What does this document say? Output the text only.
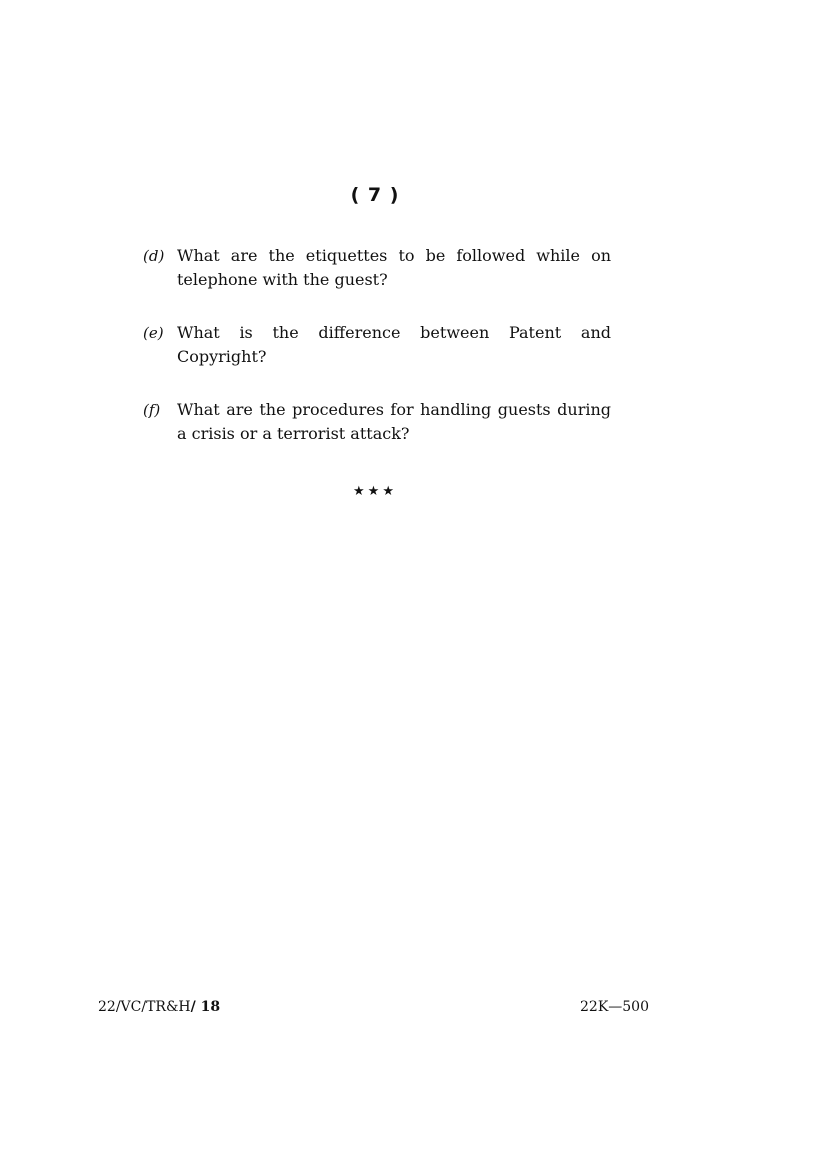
( 7 )
(d) What are the etiquettes to be followed while on telephone with the guest?
(e) What is the difference between Patent and Copyright?
(f) What are the procedures for handling guests during a crisis or a terrorist attack?
★★★
22/VC/TR&H/ 18	22K—500
